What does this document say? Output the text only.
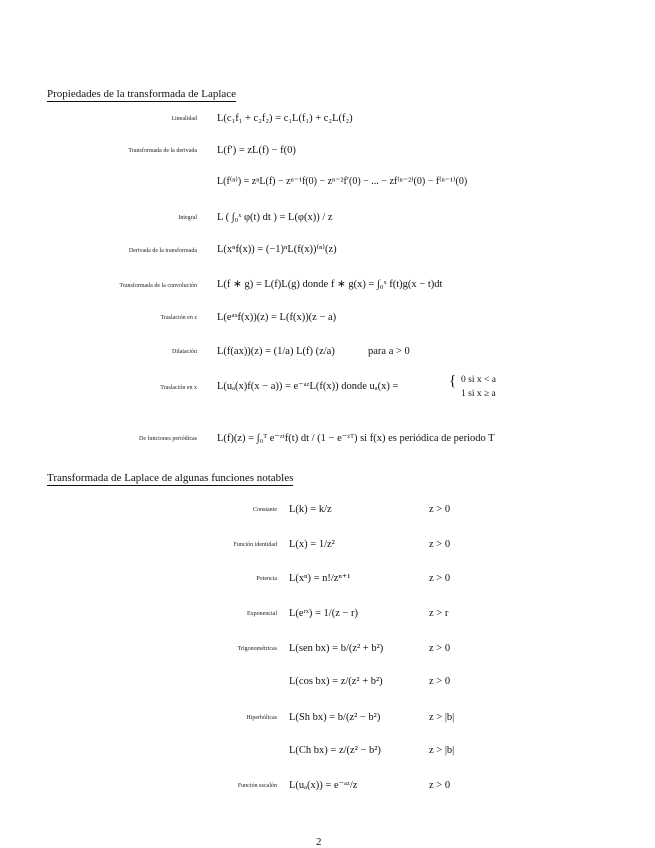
Propiedades de la transformada de Laplace
Linealidad
Transformada de la derivada
Integral
Derivada de la transformada
Transformada de la convolución
Traslación en z
Dilatación
Traslación en x
De funciones periódicas
L(c₁f₁ + c₂f₂) = c₁L(f₁) + c₂L(f₂)
L(f′) = zL(f) − f(0)
L(f⁽ⁿ⁾) = zⁿL(f) − zⁿ⁻¹f(0) − zⁿ⁻²f′(0) − ... − zf⁽ⁿ⁻²⁾(0) − f⁽ⁿ⁻¹⁾(0)
L ( ∫₀ˣ φ(t) dt ) = L(φ(x)) / z
L(xⁿf(x)) = (−1)ⁿL(f(x))⁽ⁿ⁾(z)
L(f ∗ g) = L(f)L(g) donde f ∗ g(x) = ∫₀ˣ f(t)g(x − t)dt
L(eᵃˣf(x))(z) = L(f(x))(z − a)
L(f(ax))(z) = (1/a) L(f) (z/a)	para a > 0
L(uₐ(x)f(x − a)) = e⁻ᵃᶻL(f(x)) donde uₐ(x) =	{ 0 si x < a
1 si x ≥ a
L(f)(z) = ∫₀ᵀ e⁻ᶻᵗf(t) dt / (1 − e⁻ᶻᵀ) si f(x) es periódica de periodo T
Transformada de Laplace de algunas funciones notables
Constante
Función identidad
Potencia
Exponencial
Trigonométricas
Hiperbólicas
Función escalón
L(k) = k/z
L(x) = 1/z²
L(xⁿ) = n!/zⁿ⁺¹
L(eʳˣ) = 1/(z − r)
L(sen bx) = b/(z² + b²)
L(cos bx) = z/(z² + b²)
L(Sh bx) = b/(z² − b²)
L(Ch bx) = z/(z² − b²)
L(uₐ(x)) = e⁻ᵃᶻ/z
z > 0
z > 0
z > 0
z > r
z > 0
z > 0
z > |b|
z > |b|
z > 0
2
